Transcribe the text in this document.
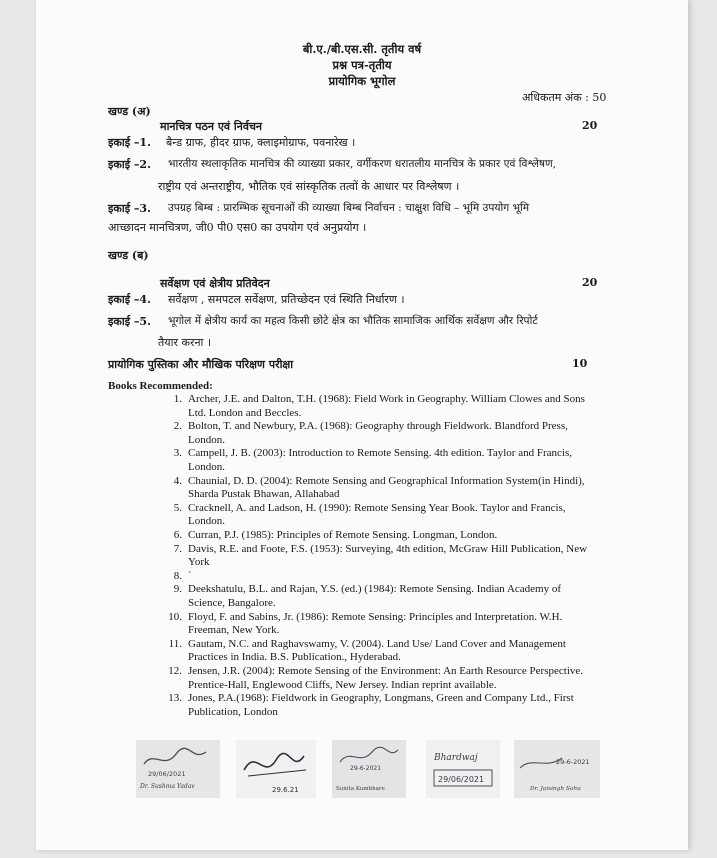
बी.ए./बी.एस.सी. तृतीय वर्ष
प्रश्न पत्र-तृतीय
प्रायोगिक भूगोल
अधिकतम अंक : 50
खण्ड (अ)
मानचित्र पठन एवं निर्वचन	20
इकाई –1. बैन्ड ग्राफ, हीदर ग्राफ, क्लाइमोग्राफ, पवनारेख ।
इकाई –2. भारतीय स्थलाकृतिक मानचित्र की व्याख्या प्रकार, वर्गीकरण धरातलीय मानचित्र के प्रकार एवं विश्लेषण,
राष्ट्रीय एवं अन्तराष्ट्रीय, भौतिक एवं सांस्कृतिक तत्वों के आधार पर विश्लेषण ।
इकाई –3. उपग्रह बिम्ब : प्रारम्भिक सूचनाओं की व्याख्या बिम्ब निर्वाचन : चाक्षुश विधि – भूमि उपयोग भूमि
आच्छादन मानचित्रण, जी0 पी0 एस0 का उपयोग एवं अनुप्रयोग ।
खण्ड (ब)
सर्वेक्षण एवं क्षेत्रीय प्रतिवेदन	20
इकाई –4. सर्वेक्षण , समपटल सर्वेक्षण, प्रतिच्छेदन एवं स्थिति निर्धारण ।
इकाई –5. भूगोल में क्षेत्रीय कार्य का महत्व किसी छोटे क्षेत्र का भौतिक सामाजिक आर्थिक सर्वेक्षण और रिपोर्ट
तैयार करना ।
प्रायोगिक पुस्तिका और मौखिक परिक्षण परीक्षा	10
Books Recommended:
1. Archer, J.E. and Dalton, T.H. (1968): Field Work in Geography. William Clowes and Sons
Ltd. London and Beccles.
2. Bolton, T. and Newbury, P.A. (1968): Geography through Fieldwork. Blandford Press,
London.
3. Campell, J. B. (2003): Introduction to Remote Sensing. 4th edition. Taylor and Francis,
London.
4. Chaunial, D. D. (2004): Remote Sensing and Geographical Information System(in Hindi),
Sharda Pustak Bhawan, Allahabad
5. Cracknell, A. and Ladson, H. (1990): Remote Sensing Year Book. Taylor and Francis,
London.
6. Curran, P.J. (1985): Principles of Remote Sensing. Longman, London.
7. Davis, R.E. and Foote, F.S. (1953): Surveying, 4th edition, McGraw Hill Publication, New
York
8. `
9. Deekshatulu, B.L. and Rajan, Y.S. (ed.) (1984): Remote Sensing. Indian Academy of
Science, Bangalore.
10. Floyd, F. and Sabins, Jr. (1986): Remote Sensing: Principles and Interpretation. W.H.
Freeman, New York.
11. Gautam, N.C. and Raghavswamy, V. (2004). Land Use/ Land Cover and Management
Practices in India. B.S. Publication., Hyderabad.
12. Jensen, J.R. (2004): Remote Sensing of the Environment: An Earth Resource Perspective.
Prentice-Hall, Englewood Cliffs, New Jersey. Indian reprint available.
13. Jones, P.A.(1968): Fieldwork in Geography, Longmans, Green and Company Ltd., First
Publication, London
29/06/2021
Dr. Sushma Yadav	29.6.21
29-6-2021
Sunita Kumbhare
Bhardwaj
29/06/2021
29-6-2021
Dr. Jaisingh Sahu
